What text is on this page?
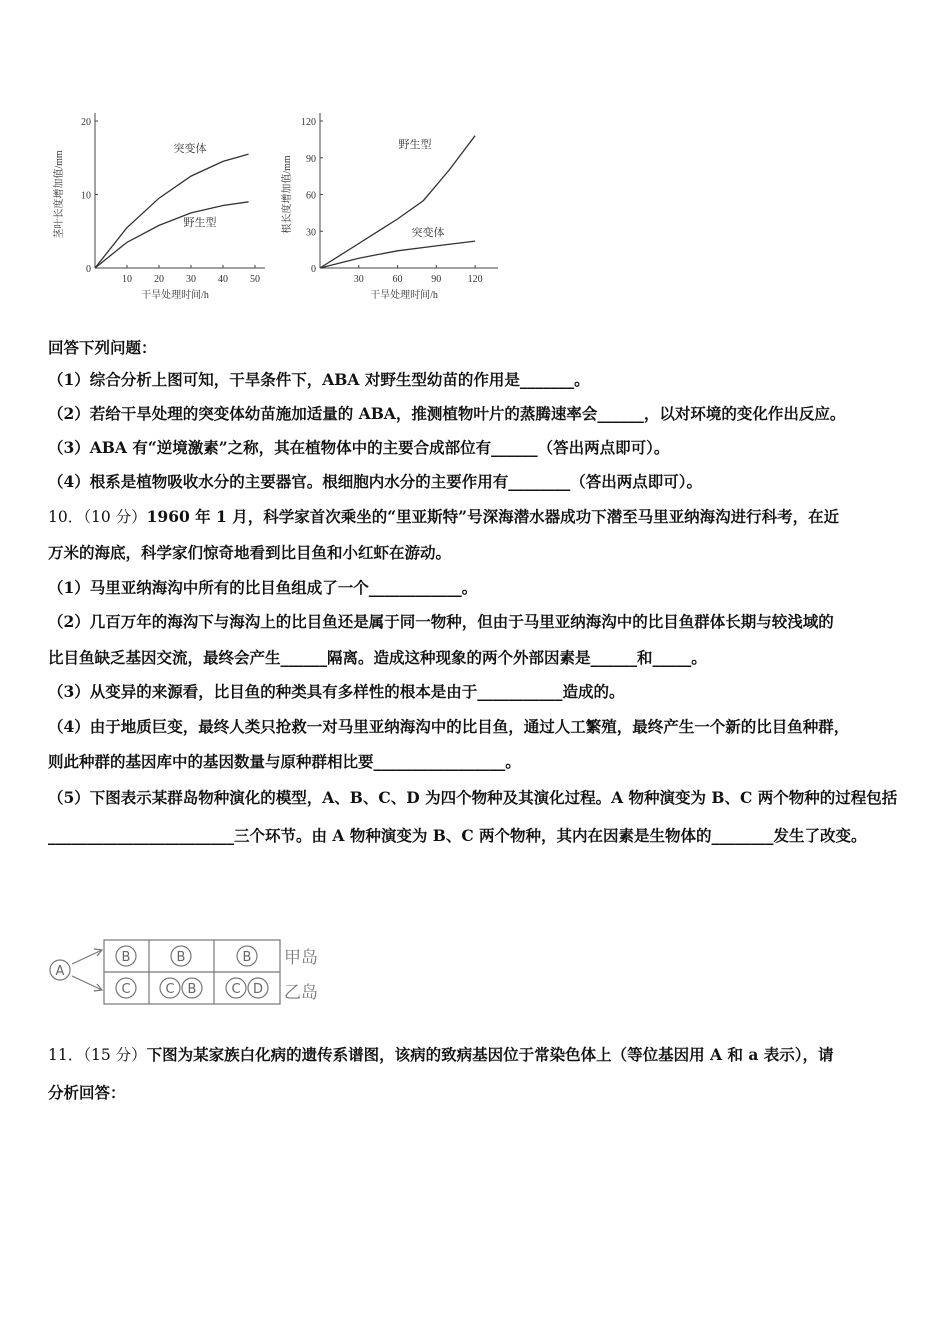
10 20 30 40 50
0
10
20
干旱处理时间/h
茎叶长度增加值/mm
突变体
野生型
30	60	90	120
0
30
60
90
120
干旱处理时间/h
根长度增加值/mm
野生型
突变体
回答下列问题：
（1）综合分析上图可知，干旱条件下，ABA 对野生型幼苗的作用是_______。
（2）若给干旱处理的突变体幼苗施加适量的 ABA，推测植物叶片的蒸腾速率会______，以对环境的变化作出反应。
（3）ABA 有“逆境激素”之称，其在植物体中的主要合成部位有______（答出两点即可）。
（4）根系是植物吸收水分的主要器官。根细胞内水分的主要作用有________（答出两点即可）。
10．（10 分）1960 年 1 月，科学家首次乘坐的“里亚斯特”号深海潜水器成功下潜至马里亚纳海沟进行科考，在近
万米的海底，科学家们惊奇地看到比目鱼和小红虾在游动。
（1）马里亚纳海沟中所有的比目鱼组成了一个____________。
（2）几百万年的海沟下与海沟上的比目鱼还是属于同一物种，但由于马里亚纳海沟中的比目鱼群体长期与较浅域的
比目鱼缺乏基因交流，最终会产生______隔离。造成这种现象的两个外部因素是______和_____。
（3）从变异的来源看，比目鱼的种类具有多样性的根本是由于___________造成的。
（4）由于地质巨变，最终人类只抢救一对马里亚纳海沟中的比目鱼，通过人工繁殖，最终产生一个新的比目鱼种群，
则此种群的基因库中的基因数量与原种群相比要_________________。
（5）下图表示某群岛物种演化的模型，A、B、C、D 为四个物种及其演化过程。A 物种演变为 B、C 两个物种的过程包括
________________________三个环节。由 A 物种演变为 B、C 两个物种，其内在因素是生物体的________发生了改变。
A
B	B	B
C	C B	C D
甲岛
乙岛
11．（15 分）下图为某家族白化病的遗传系谱图，该病的致病基因位于常染色体上（等位基因用 A 和 a 表示），请
分析回答：
